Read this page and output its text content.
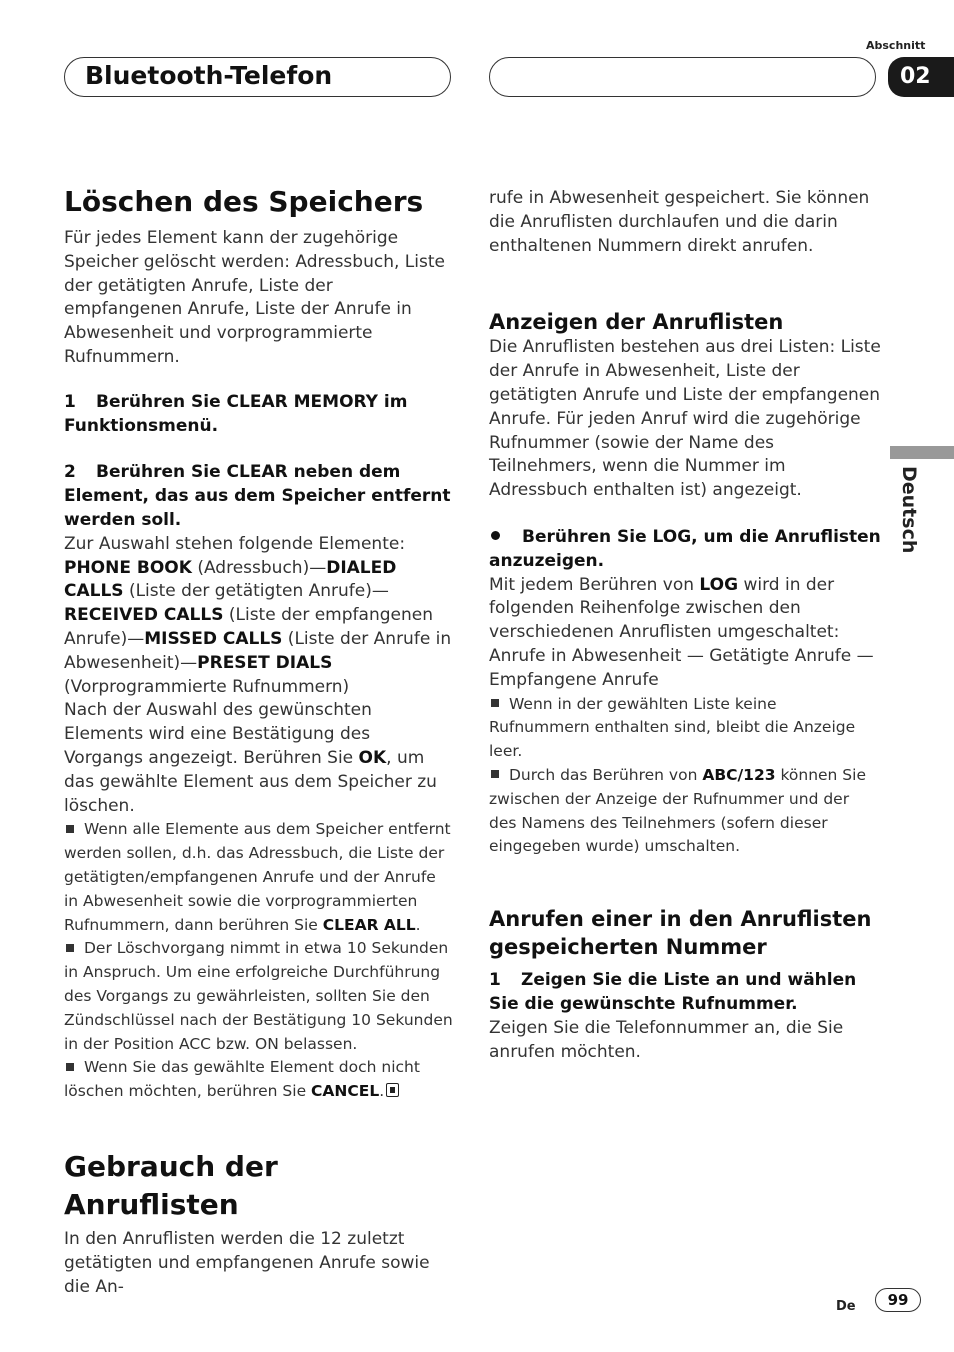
Abschnitt
Bluetooth-Telefon	02
Deutsch
Löschen des Speichers

Für jedes Element kann der zugehörige Speicher gelöscht werden: Adressbuch, Liste der getätigten Anrufe, Liste der empfangenen Anrufe, Liste der Anrufe in Abwesenheit und vorprogrammierte Rufnummern.

1 Berühren Sie CLEAR MEMORY im Funktionsmenü.

2 Berühren Sie CLEAR neben dem Element, das aus dem Speicher entfernt werden soll.

Zur Auswahl stehen folgende Elemente:

PHONE BOOK (Adressbuch)—DIALED CALLS (Liste der getätigten Anrufe)—RECEIVED CALLS (Liste der empfangenen Anrufe)—MISSED CALLS (Liste der Anrufe in Abwesenheit)—PRESET DIALS (Vorprogrammierte Rufnummern)

Nach der Auswahl des gewünschten Elements wird eine Bestätigung des Vorgangs angezeigt. Berühren Sie OK, um das gewählte Element aus dem Speicher zu löschen.

Wenn alle Elemente aus dem Speicher entfernt werden sollen, d.h. das Adressbuch, die Liste der getätigten/empfangenen Anrufe und der Anrufe in Abwesenheit sowie die vorprogrammierten Rufnummern, dann berühren Sie CLEAR ALL.

Der Löschvorgang nimmt in etwa 10 Sekunden in Anspruch. Um eine erfolgreiche Durchführung des Vorgangs zu gewährleisten, sollten Sie den Zündschlüssel nach der Bestätigung 10 Sekunden in der Position ACC bzw. ON belassen.

Wenn Sie das gewählte Element doch nicht löschen möchten, berühren Sie CANCEL.

Gebrauch der Anruflisten

In den Anruflisten werden die 12 zuletzt getätigten und empfangenen Anrufe sowie die An-

rufe in Abwesenheit gespeichert. Sie können die Anruflisten durchlaufen und die darin enthaltenen Nummern direkt anrufen.

Anzeigen der Anruflisten

Die Anruflisten bestehen aus drei Listen: Liste der Anrufe in Abwesenheit, Liste der getätigten Anrufe und Liste der empfangenen Anrufe. Für jeden Anruf wird die zugehörige Rufnummer (sowie der Name des Teilnehmers, wenn die Nummer im Adressbuch enthalten ist) angezeigt.

Berühren Sie LOG, um die Anruflisten anzuzeigen.

Mit jedem Berühren von LOG wird in der folgenden Reihenfolge zwischen den verschiedenen Anruflisten umgeschaltet:

Anrufe in Abwesenheit — Getätigte Anrufe — Empfangene Anrufe

Wenn in der gewählten Liste keine Rufnummern enthalten sind, bleibt die Anzeige leer.

Durch das Berühren von ABC/123 können Sie zwischen der Anzeige der Rufnummer und der des Namens des Teilnehmers (sofern dieser eingegeben wurde) umschalten.

Anrufen einer in den Anruflisten gespeicherten Nummer

1 Zeigen Sie die Liste an und wählen Sie die gewünschte Rufnummer.

Zeigen Sie die Telefonnummer an, die Sie anrufen möchten.

De	99
